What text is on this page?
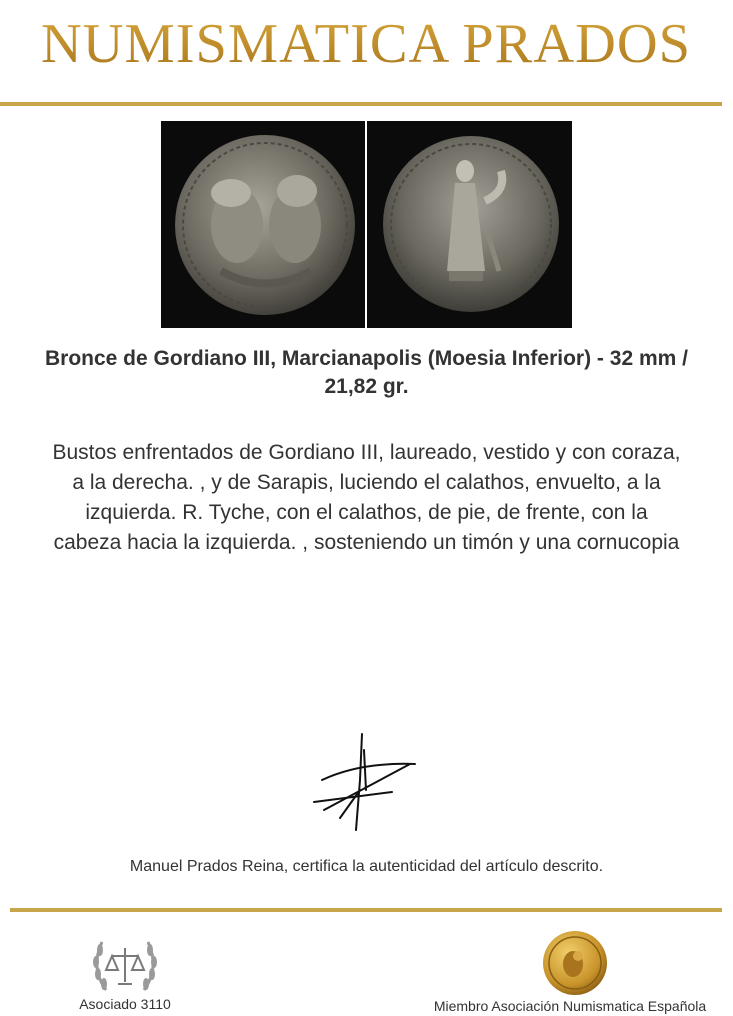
NUMISMATICA PRADOS
Bronce de Gordiano III, Marcianapolis (Moesia Inferior) - 32 mm / 21,82 gr.
Bustos enfrentados de Gordiano III, laureado, vestido y con coraza, a la derecha. , y de Sarapis, luciendo el calathos, envuelto, a la izquierda. R. Tyche, con el calathos, de pie, de frente, con la cabeza hacia la izquierda. , sosteniendo un timón y una cornucopia
Manuel Prados Reina, certifica la autenticidad del artículo descrito.
Asociado 3110	Miembro Asociación Numismatica Española
